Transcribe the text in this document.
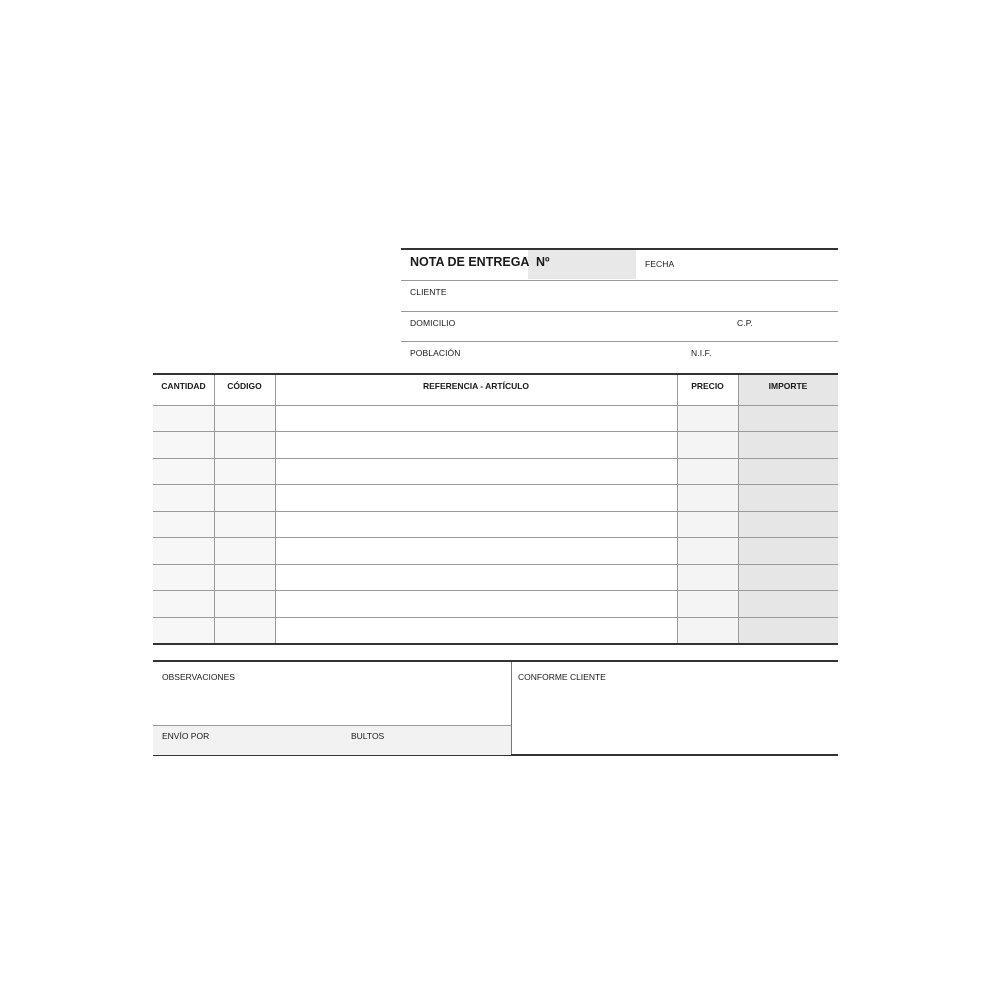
Nº
NOTA DE ENTREGA	FECHA
CLIENTE
DOMICILIO	C.P.
POBLACIÓN	N.I.F.
CANTIDAD	CÓDIGO	REFERENCIA - ARTÍCULO	PRECIO	IMPORTE
OBSERVACIONES
ENVÍO POR	BULTOS
CONFORME CLIENTE
